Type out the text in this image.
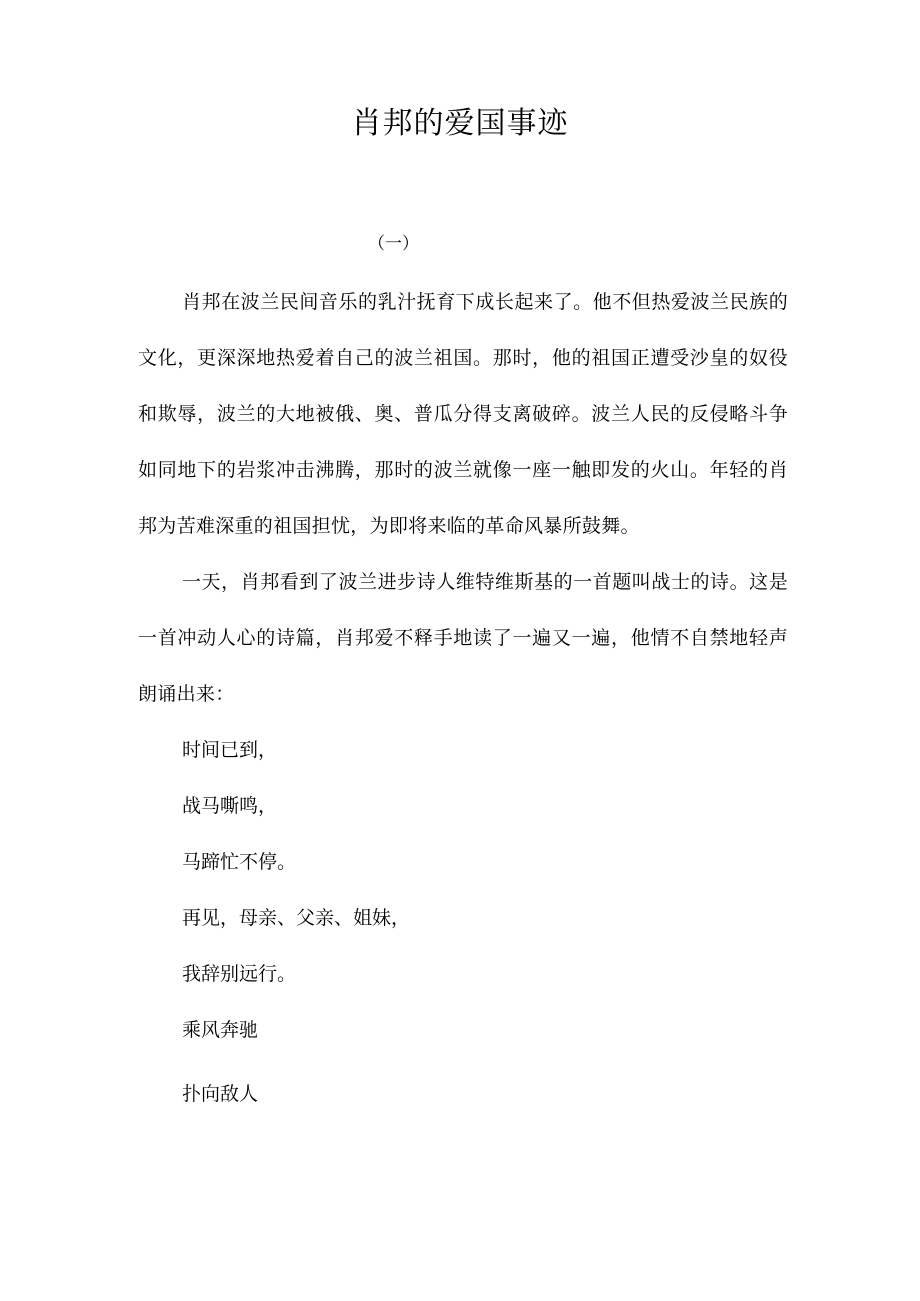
肖邦的爱国事迹
（一）

肖邦在波兰民间音乐的乳汁抚育下成长起来了。他不但热爱波兰民族的文化，更深深地热爱着自己的波兰祖国。那时，他的祖国正遭受沙皇的奴役和欺辱，波兰的大地被俄、奥、普瓜分得支离破碎。波兰人民的反侵略斗争如同地下的岩浆冲击沸腾，那时的波兰就像一座一触即发的火山。年轻的肖邦为苦难深重的祖国担忧，为即将来临的革命风暴所鼓舞。

一天，肖邦看到了波兰进步诗人维特维斯基的一首题叫战士的诗。这是一首冲动人心的诗篇，肖邦爱不释手地读了一遍又一遍，他情不自禁地轻声朗诵出来：

时间已到，
战马嘶鸣，
马蹄忙不停。
再见，母亲、父亲、姐妹，
我辞别远行。
乘风奔驰
扑向敌人
